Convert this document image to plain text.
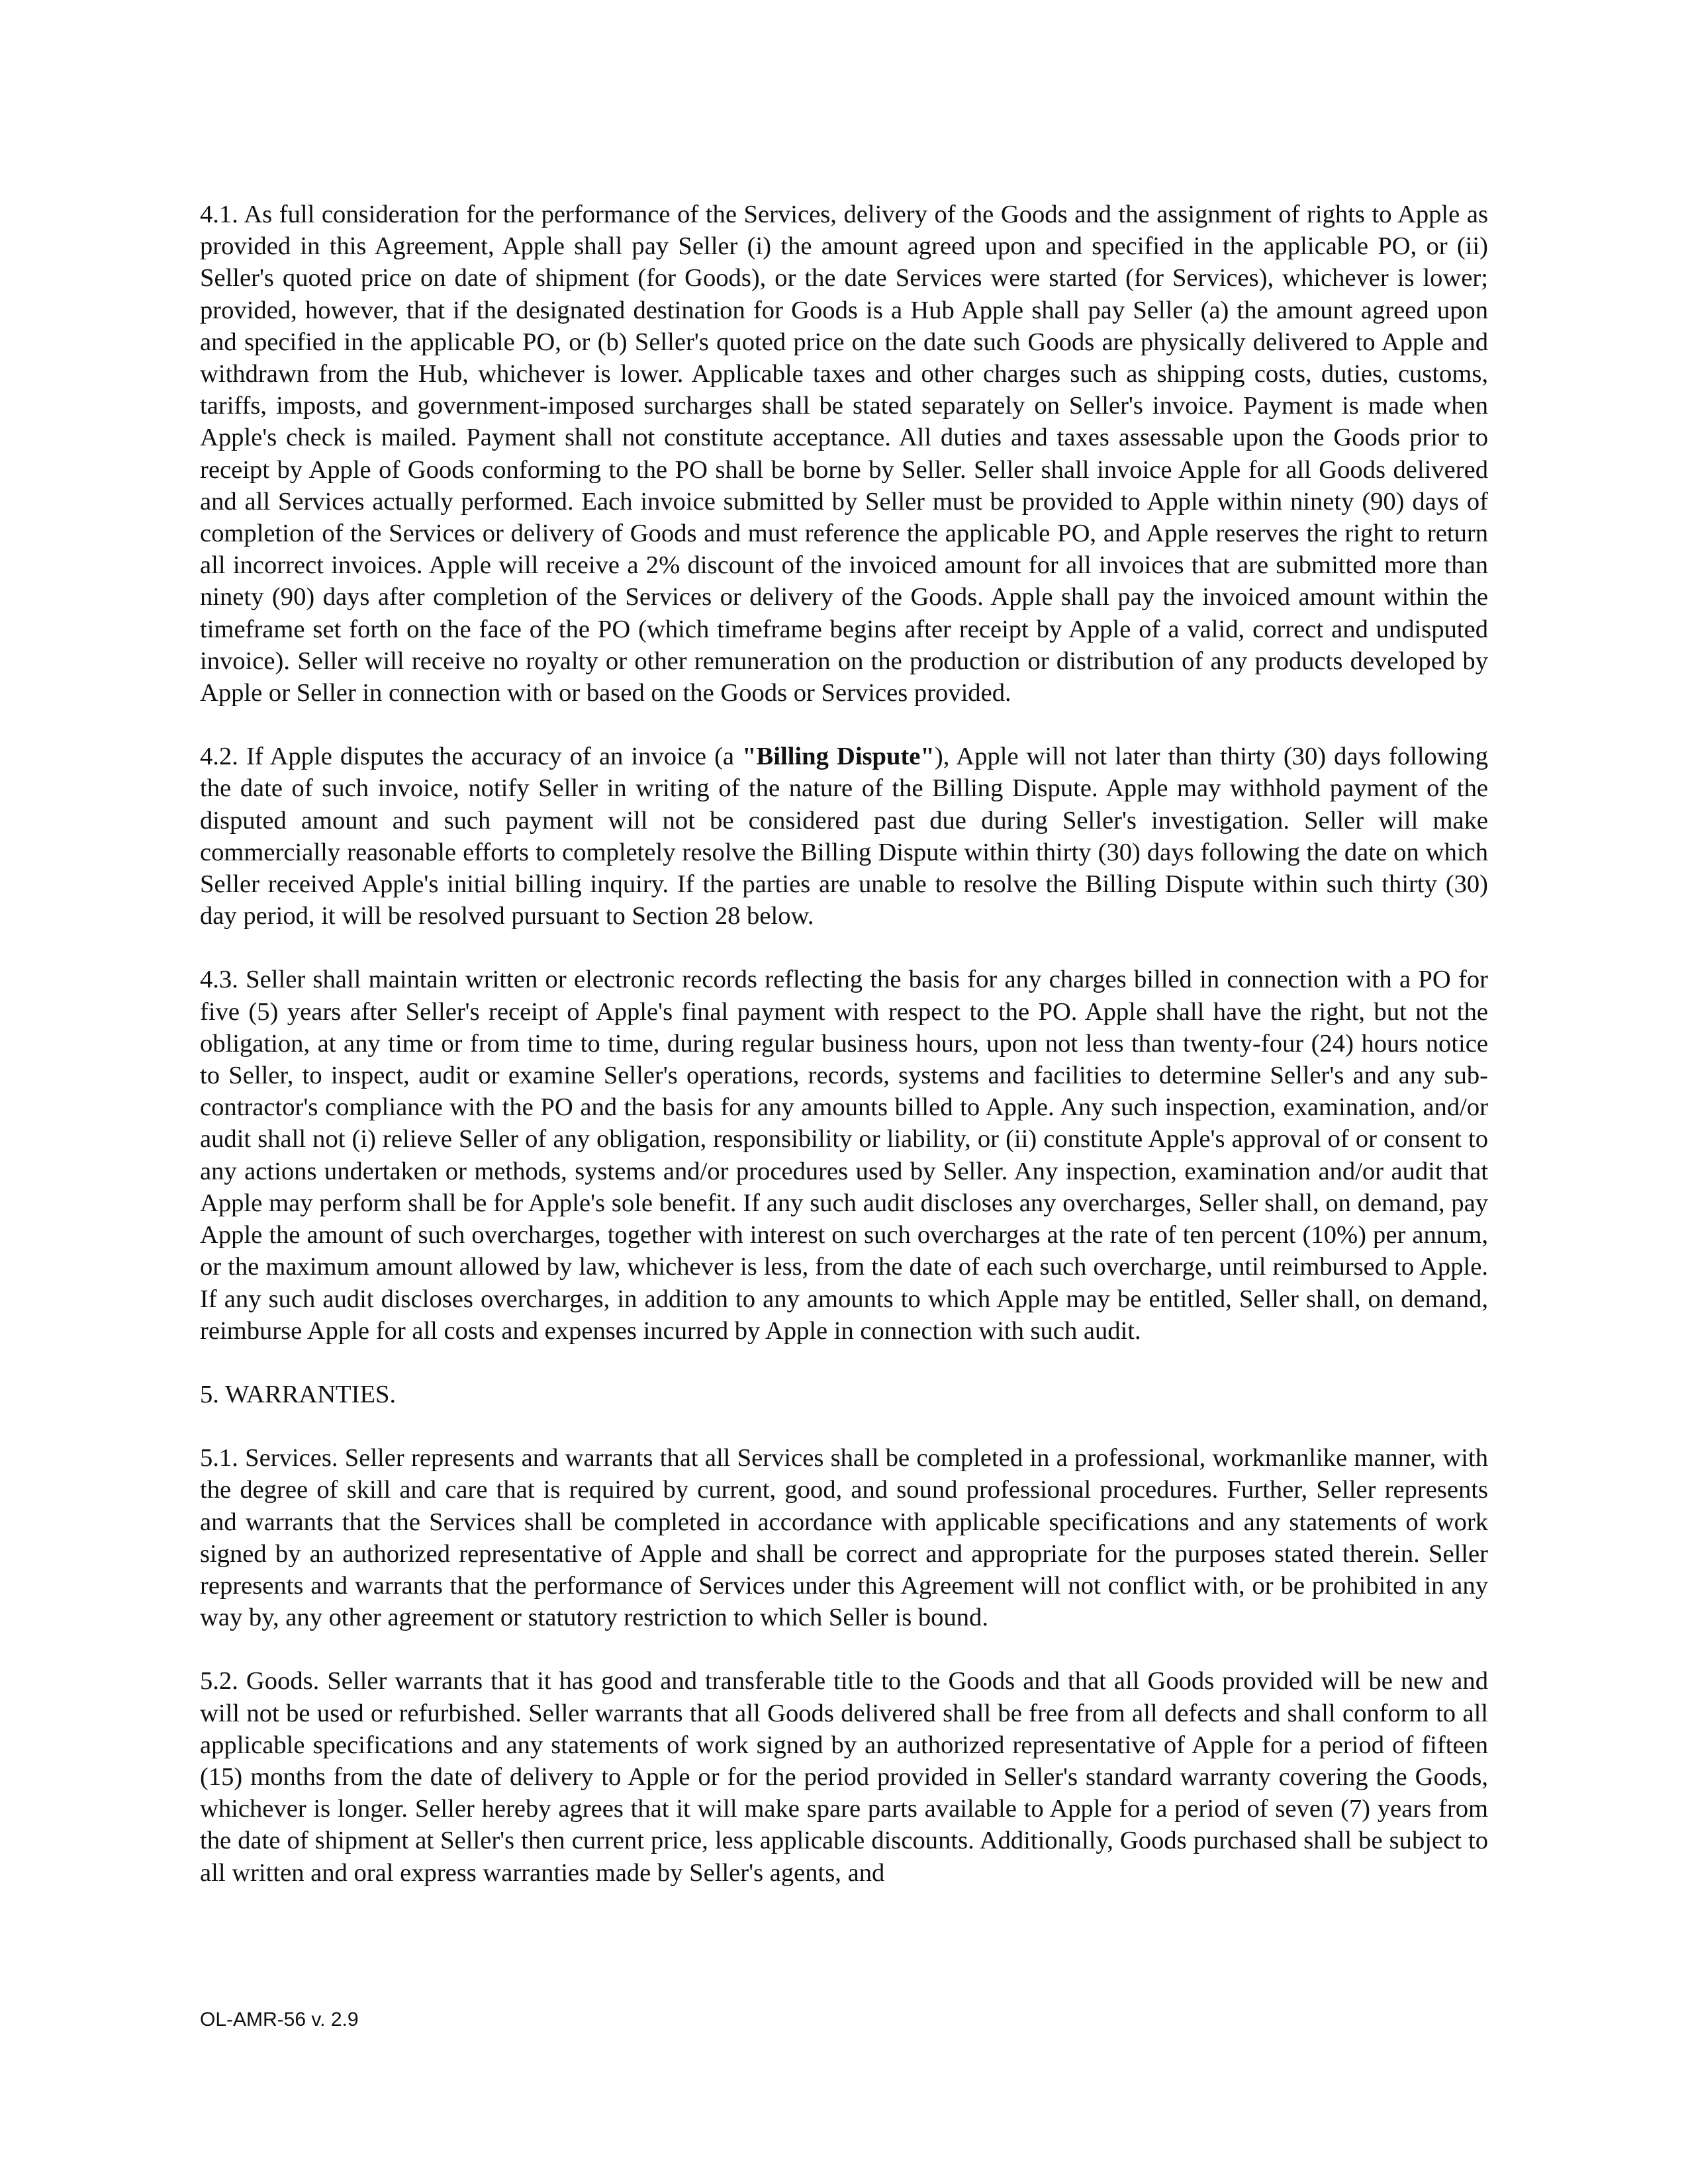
4.1. As full consideration for the performance of the Services, delivery of the Goods and the assignment of rights to Apple as provided in this Agreement, Apple shall pay Seller (i) the amount agreed upon and specified in the applicable PO, or (ii) Seller's quoted price on date of shipment (for Goods), or the date Services were started (for Services), whichever is lower; provided, however, that if the designated destination for Goods is a Hub Apple shall pay Seller (a) the amount agreed upon and specified in the applicable PO, or (b) Seller's quoted price on the date such Goods are physically delivered to Apple and withdrawn from the Hub, whichever is lower. Applicable taxes and other charges such as shipping costs, duties, customs, tariffs, imposts, and government-imposed surcharges shall be stated separately on Seller's invoice. Payment is made when Apple's check is mailed. Payment shall not constitute acceptance. All duties and taxes assessable upon the Goods prior to receipt by Apple of Goods conforming to the PO shall be borne by Seller. Seller shall invoice Apple for all Goods delivered and all Services actually performed. Each invoice submitted by Seller must be provided to Apple within ninety (90) days of completion of the Services or delivery of Goods and must reference the applicable PO, and Apple reserves the right to return all incorrect invoices. Apple will receive a 2% discount of the invoiced amount for all invoices that are submitted more than ninety (90) days after completion of the Services or delivery of the Goods. Apple shall pay the invoiced amount within the timeframe set forth on the face of the PO (which timeframe begins after receipt by Apple of a valid, correct and undisputed invoice). Seller will receive no royalty or other remuneration on the production or distribution of any products developed by Apple or Seller in connection with or based on the Goods or Services provided.

4.2. If Apple disputes the accuracy of an invoice (a "Billing Dispute"), Apple will not later than thirty (30) days following the date of such invoice, notify Seller in writing of the nature of the Billing Dispute. Apple may withhold payment of the disputed amount and such payment will not be considered past due during Seller's investigation. Seller will make commercially reasonable efforts to completely resolve the Billing Dispute within thirty (30) days following the date on which Seller received Apple's initial billing inquiry. If the parties are unable to resolve the Billing Dispute within such thirty (30) day period, it will be resolved pursuant to Section 28 below.

4.3. Seller shall maintain written or electronic records reflecting the basis for any charges billed in connection with a PO for five (5) years after Seller's receipt of Apple's final payment with respect to the PO. Apple shall have the right, but not the obligation, at any time or from time to time, during regular business hours, upon not less than twenty-four (24) hours notice to Seller, to inspect, audit or examine Seller's operations, records, systems and facilities to determine Seller's and any sub-contractor's compliance with the PO and the basis for any amounts billed to Apple. Any such inspection, examination, and/or audit shall not (i) relieve Seller of any obligation, responsibility or liability, or (ii) constitute Apple's approval of or consent to any actions undertaken or methods, systems and/or procedures used by Seller. Any inspection, examination and/or audit that Apple may perform shall be for Apple's sole benefit. If any such audit discloses any overcharges, Seller shall, on demand, pay Apple the amount of such overcharges, together with interest on such overcharges at the rate of ten percent (10%) per annum, or the maximum amount allowed by law, whichever is less, from the date of each such overcharge, until reimbursed to Apple. If any such audit discloses overcharges, in addition to any amounts to which Apple may be entitled, Seller shall, on demand, reimburse Apple for all costs and expenses incurred by Apple in connection with such audit.

5. WARRANTIES.

5.1. Services. Seller represents and warrants that all Services shall be completed in a professional, workmanlike manner, with the degree of skill and care that is required by current, good, and sound professional procedures. Further, Seller represents and warrants that the Services shall be completed in accordance with applicable specifications and any statements of work signed by an authorized representative of Apple and shall be correct and appropriate for the purposes stated therein. Seller represents and warrants that the performance of Services under this Agreement will not conflict with, or be prohibited in any way by, any other agreement or statutory restriction to which Seller is bound.

5.2. Goods. Seller warrants that it has good and transferable title to the Goods and that all Goods provided will be new and will not be used or refurbished. Seller warrants that all Goods delivered shall be free from all defects and shall conform to all applicable specifications and any statements of work signed by an authorized representative of Apple for a period of fifteen (15) months from the date of delivery to Apple or for the period provided in Seller's standard warranty covering the Goods, whichever is longer. Seller hereby agrees that it will make spare parts available to Apple for a period of seven (7) years from the date of shipment at Seller's then current price, less applicable discounts. Additionally, Goods purchased shall be subject to all written and oral express warranties made by Seller's agents, and

OL-AMR-56 v. 2.9
